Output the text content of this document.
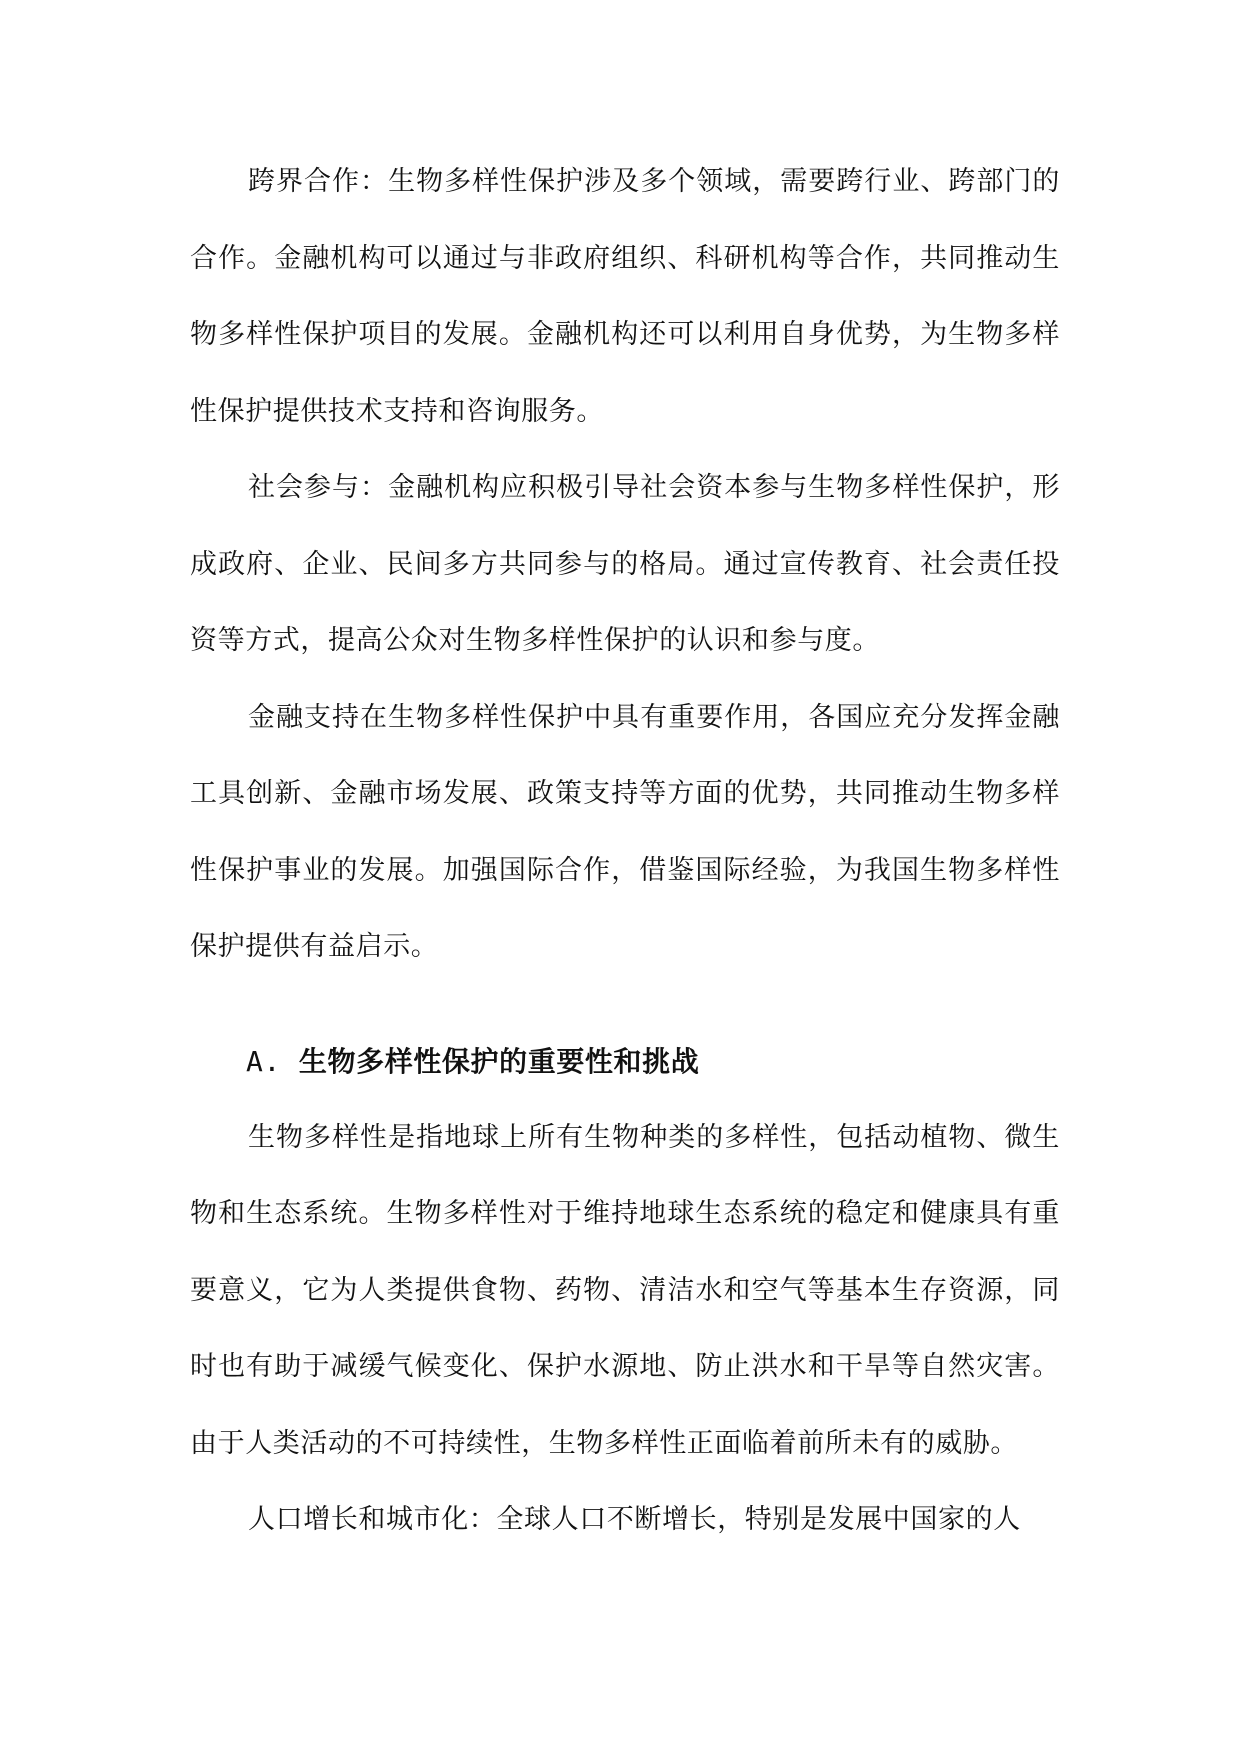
跨界合作：生物多样性保护涉及多个领域，需要跨行业、跨部门的合作。金融机构可以通过与非政府组织、科研机构等合作，共同推动生物多样性保护项目的发展。金融机构还可以利用自身优势，为生物多样性保护提供技术支持和咨询服务。

社会参与：金融机构应积极引导社会资本参与生物多样性保护，形成政府、企业、民间多方共同参与的格局。通过宣传教育、社会责任投资等方式，提高公众对生物多样性保护的认识和参与度。

金融支持在生物多样性保护中具有重要作用，各国应充分发挥金融工具创新、金融市场发展、政策支持等方面的优势，共同推动生物多样性保护事业的发展。加强国际合作，借鉴国际经验，为我国生物多样性保护提供有益启示。

A. 生物多样性保护的重要性和挑战

生物多样性是指地球上所有生物种类的多样性，包括动植物、微生物和生态系统。生物多样性对于维持地球生态系统的稳定和健康具有重要意义，它为人类提供食物、药物、清洁水和空气等基本生存资源，同时也有助于减缓气候变化、保护水源地、防止洪水和干旱等自然灾害。由于人类活动的不可持续性，生物多样性正面临着前所未有的威胁。

人口增长和城市化：全球人口不断增长，特别是发展中国家的人
